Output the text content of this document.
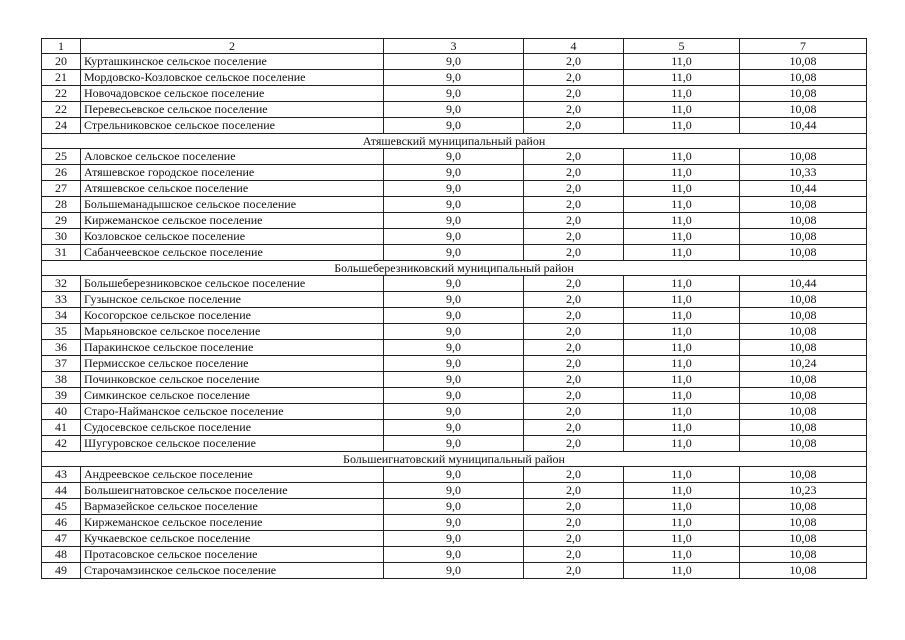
1	2	3	4	5	7
20	Курташкинское сельское поселение	9,0	2,0	11,0	10,08
21	Мордовско-Козловское сельское поселение	9,0	2,0	11,0	10,08
22	Новочадовское сельское поселение	9,0	2,0	11,0	10,08
22	Перевесьевское сельское поселение	9,0	2,0	11,0	10,08
24	Стрельниковское сельское поселение	9,0	2,0	11,0	10,44
Атяшевский муниципальный район					
25	Аловское сельское поселение	9,0	2,0	11,0	10,08
26	Атяшевское городское поселение	9,0	2,0	11,0	10,33
27	Атяшевское сельское поселение	9,0	2,0	11,0	10,44
28	Большеманадышское сельское поселение	9,0	2,0	11,0	10,08
29	Киржеманское сельское поселение	9,0	2,0	11,0	10,08
30	Козловское сельское поселение	9,0	2,0	11,0	10,08
31	Сабанчеевское сельское поселение	9,0	2,0	11,0	10,08
Большеберезниковский муниципальный район					
32	Большеберезниковское сельское поселение	9,0	2,0	11,0	10,44
33	Гузынское сельское поселение	9,0	2,0	11,0	10,08
34	Косогорское сельское поселение	9,0	2,0	11,0	10,08
35	Марьяновское сельское поселение	9,0	2,0	11,0	10,08
36	Паракинское сельское поселение	9,0	2,0	11,0	10,08
37	Пермисское сельское поселение	9,0	2,0	11,0	10,24
38	Починковское сельское поселение	9,0	2,0	11,0	10,08
39	Симкинское сельское поселение	9,0	2,0	11,0	10,08
40	Старо-Найманское сельское поселение	9,0	2,0	11,0	10,08
41	Судосевское сельское поселение	9,0	2,0	11,0	10,08
42	Шугуровское сельское поселение	9,0	2,0	11,0	10,08
Большеигнатовский муниципальный район					
43	Андреевское сельское поселение	9,0	2,0	11,0	10,08
44	Большеигнатовское сельское поселение	9,0	2,0	11,0	10,23
45	Вармазейское сельское поселение	9,0	2,0	11,0	10,08
46	Киржеманское сельское поселение	9,0	2,0	11,0	10,08
47	Кучкаевское сельское поселение	9,0	2,0	11,0	10,08
48	Протасовское сельское поселение	9,0	2,0	11,0	10,08
49	Старочамзинское сельское поселение	9,0	2,0	11,0	10,08
